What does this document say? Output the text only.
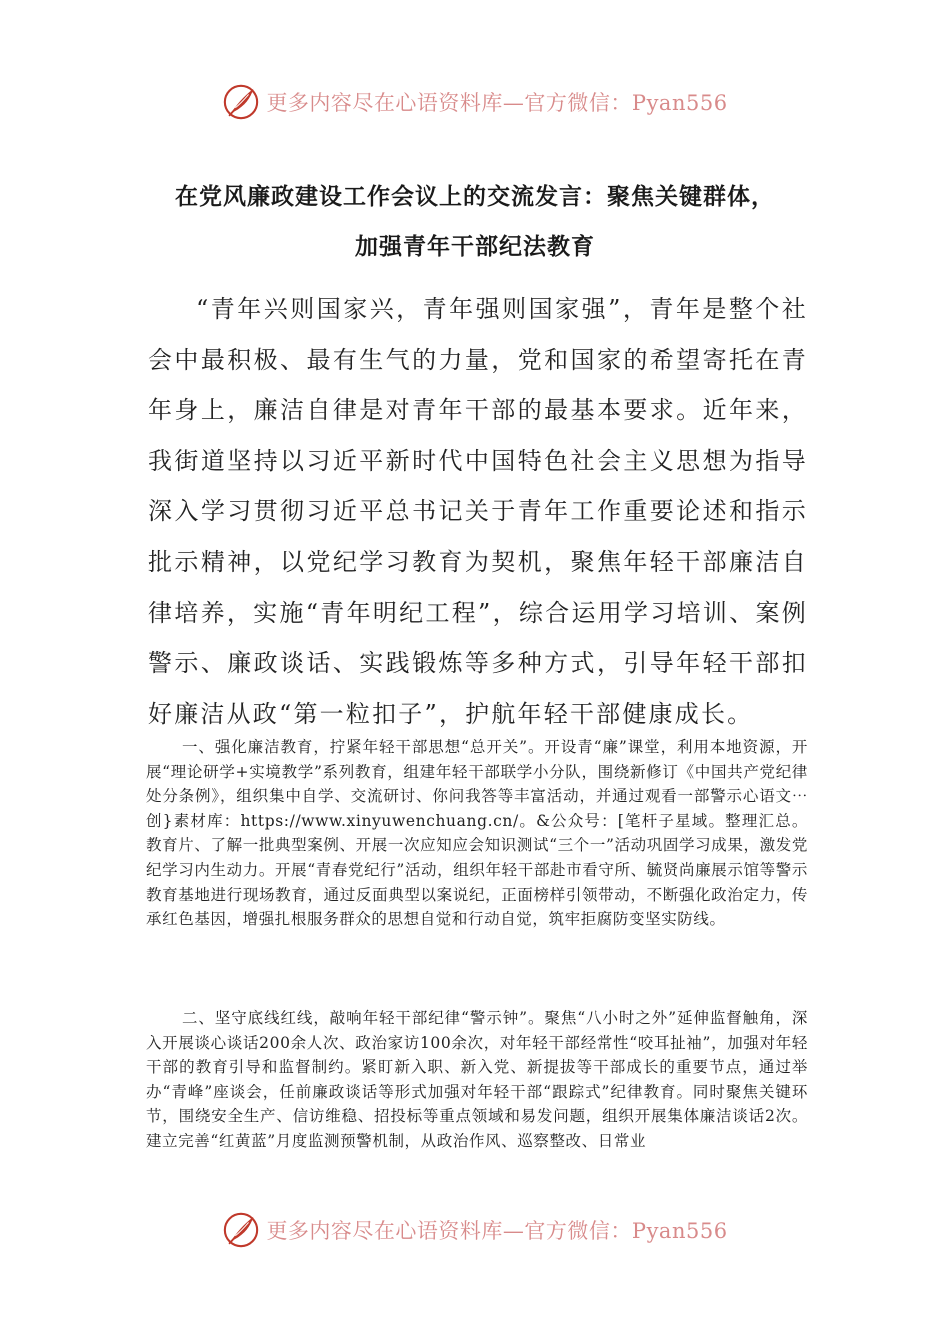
更多内容尽在心语资料库—官方微信：Pyan556
在党风廉政建设工作会议上的交流发言：聚焦关键群体，
加强青年干部纪法教育

“青年兴则国家兴，青年强则国家强”，青年是整个社会中最积极、最有生气的力量，党和国家的希望寄托在青年身上，廉洁自律是对青年干部的最基本要求。近年来，我街道坚持以习近平新时代中国特色社会主义思想为指导深入学习贯彻习近平总书记关于青年工作重要论述和指示批示精神，以党纪学习教育为契机，聚焦年轻干部廉洁自律培养，实施“青年明纪工程”，综合运用学习培训、案例警示、廉政谈话、实践锻炼等多种方式，引导年轻干部扣好廉洁从政“第一粒扣子”，护航年轻干部健康成长。

一、强化廉洁教育，拧紧年轻干部思想“总开关”。开设青“廉”课堂，利用本地资源，开展“理论研学+实境教学”系列教育，组建年轻干部联学小分队，围绕新修订《中国共产党纪律处分条例》，组织集中自学、交流研讨、你问我答等丰富活动，并通过观看一部警示心语文⋯创}素材库：https://www.xinyuwenchuang.cn/。&公众号：[笔杆子星域。整理汇总。教育片、了解一批典型案例、开展一次应知应会知识测试“三个一”活动巩固学习成果，激发党纪学习内生动力。开展“青春党纪行”活动，组织年轻干部赴市看守所、毓贤尚廉展示馆等警示教育基地进行现场教育，通过反面典型以案说纪，正面榜样引领带动，不断强化政治定力，传承红色基因，增强扎根服务群众的思想自觉和行动自觉，筑牢拒腐防变坚实防线。

二、坚守底线红线，敲响年轻干部纪律“警示钟”。聚焦“八小时之外”延伸监督触角，深入开展谈心谈话200余人次、政治家访100余次，对年轻干部经常性“咬耳扯袖”，加强对年轻干部的教育引导和监督制约。紧盯新入职、新入党、新提拔等干部成长的重要节点，通过举办“青峰”座谈会，任前廉政谈话等形式加强对年轻干部“跟踪式”纪律教育。同时聚焦关键环节，围绕安全生产、信访维稳、招投标等重点领域和易发问题，组织开展集体廉洁谈话2次。建立完善“红黄蓝”月度监测预警机制，从政治作风、巡察整改、日常业

更多内容尽在心语资料库—官方微信：Pyan556
